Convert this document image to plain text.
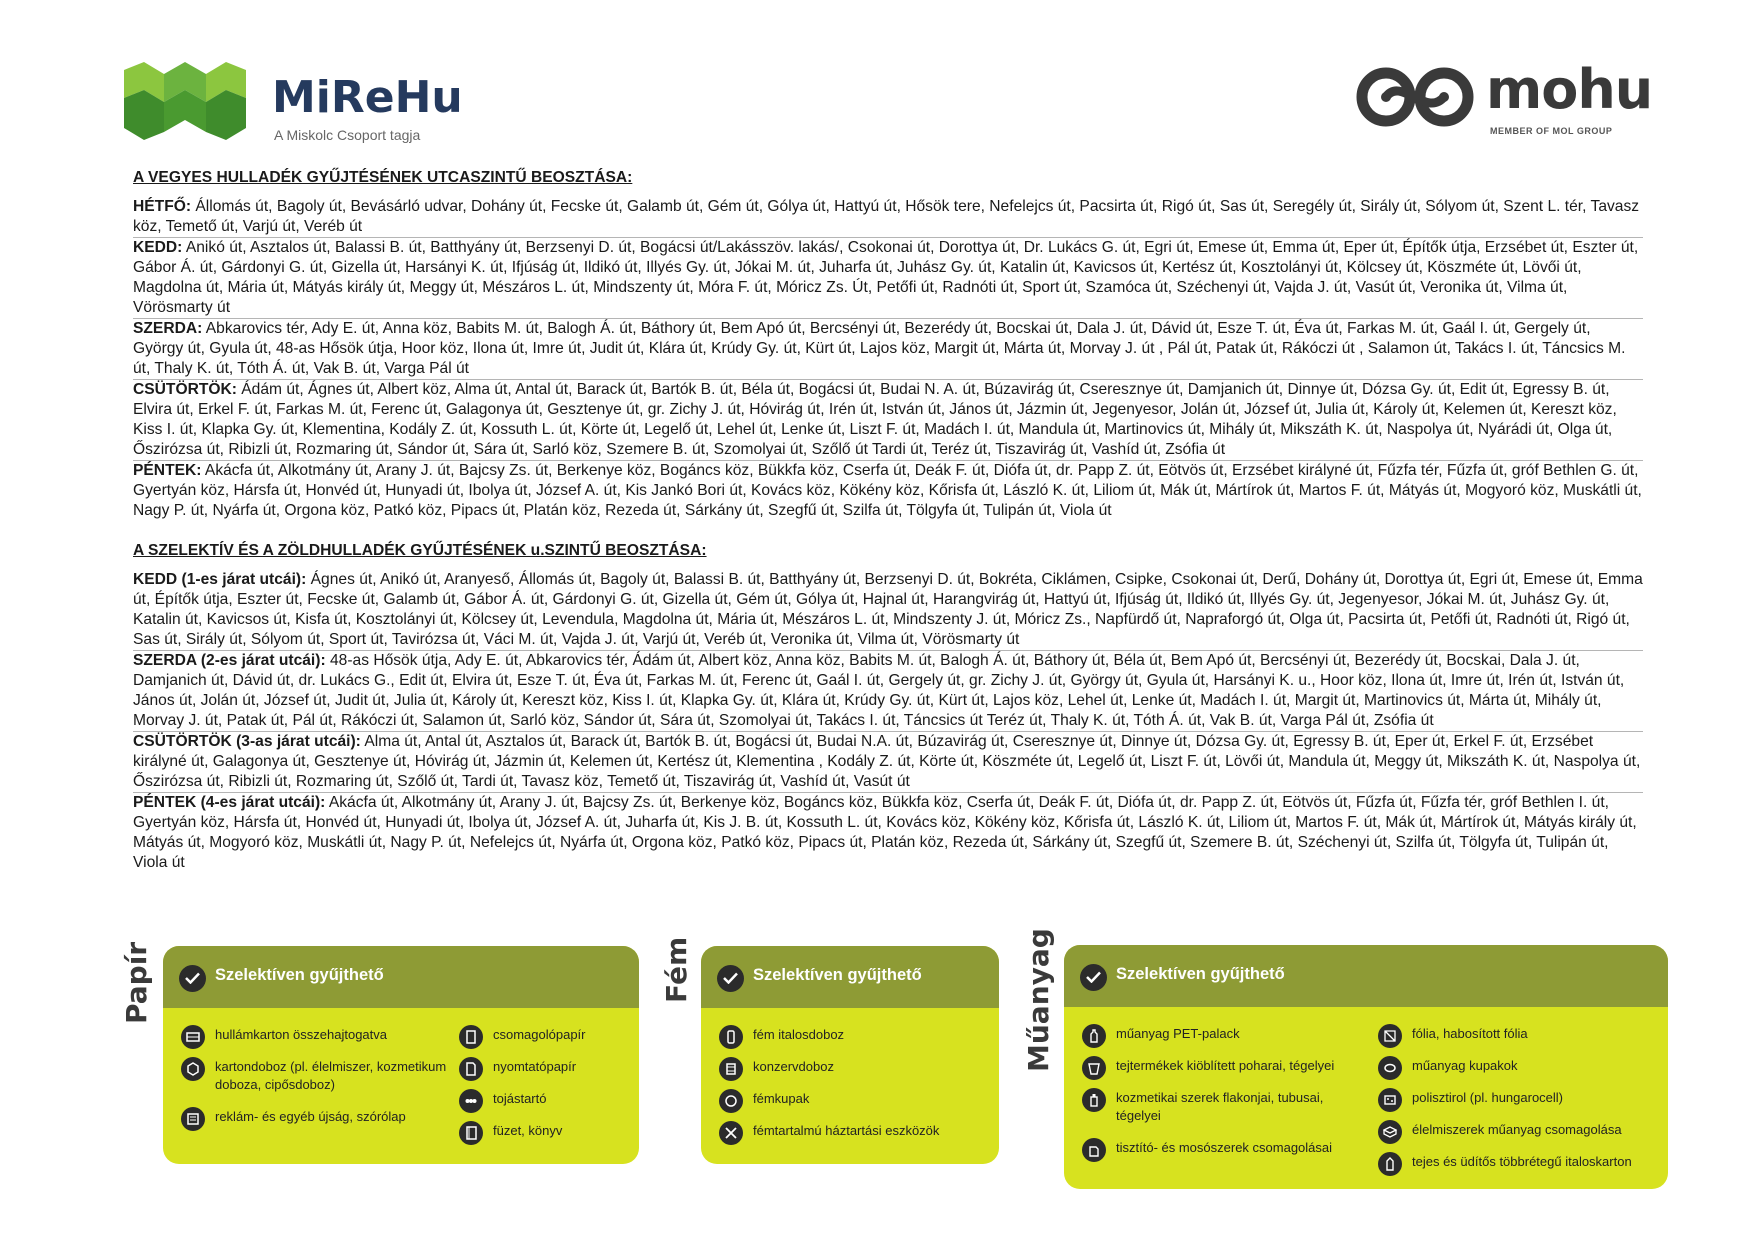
MiReHu
A Miskolc Csoport tagja
mohu
MEMBER OF MOL GROUP
A VEGYES HULLADÉK GYŰJTÉSÉNEK UTCASZINTŰ BEOSZTÁSA:
HÉTFŐ: Állomás út, Bagoly út, Bevásárló udvar, Dohány út, Fecske út, Galamb út, Gém út, Gólya út, Hattyú út, Hősök tere, Nefelejcs út, Pacsirta út, Rigó út, Sas út, Seregély út, Sirály út, Sólyom út, Szent L. tér, Tavasz köz, Temető út, Varjú út, Veréb út
KEDD: Anikó út, Asztalos út, Balassi B. út, Batthyány út, Berzsenyi D. út, Bogácsi út/Lakásszöv. lakás/, Csokonai út, Dorottya út, Dr. Lukács G. út, Egri út, Emese út, Emma út, Eper út, Építők útja, Erzsébet út, Eszter út, Gábor Á. út, Gárdonyi G. út, Gizella út, Harsányi K. út, Ifjúság út, Ildikó út, Illyés Gy. út, Jókai M. út, Juharfa út, Juhász Gy. út, Katalin út, Kavicsos út, Kertész út, Kosztolányi út, Kölcsey út, Köszméte út, Lövői út, Magdolna út, Mária út, Mátyás király út, Meggy út, Mészáros L. út, Mindszenty út, Móra F. út, Móricz Zs. Út, Petőfi út, Radnóti út, Sport út, Szamóca út, Széchenyi út, Vajda J. út, Vasút út, Veronika út, Vilma út, Vörösmarty út
SZERDA: Abkarovics tér, Ady E. út, Anna köz, Babits M. út, Balogh Á. út, Báthory út, Bem Apó út, Bercsényi út, Bezerédy út, Bocskai út, Dala J. út, Dávid út, Esze T. út, Éva út, Farkas M. út, Gaál I. út, Gergely út, György út, Gyula út, 48-as Hősök útja, Hoor köz, Ilona út, Imre út, Judit út, Klára út, Krúdy Gy. út, Kürt út, Lajos köz, Margit út, Márta út, Morvay J. út , Pál út, Patak út, Rákóczi út , Salamon út, Takács I. út, Táncsics M. út, Thaly K. út, Tóth Á. út, Vak B. út, Varga Pál út
CSÜTÖRTÖK: Ádám út, Ágnes út, Albert köz, Alma út, Antal út, Barack út, Bartók B. út, Béla út, Bogácsi út, Budai N. A. út, Búzavirág út, Cseresznye út, Damjanich út, Dinnye út, Dózsa Gy. út, Edit út, Egressy B. út, Elvira út, Erkel F. út, Farkas M. út, Ferenc út, Galagonya út, Gesztenye út, gr. Zichy J. út, Hóvirág út, Irén út, István út, János út, Jázmin út, Jegenyesor, Jolán út, József út, Julia út, Károly út, Kelemen út, Kereszt köz, Kiss I. út, Klapka Gy. út, Klementina, Kodály Z. út, Kossuth L. út, Körte út, Legelő út, Lehel út, Lenke út, Liszt F. út, Madách I. út, Mandula út, Martinovics út, Mihály út, Mikszáth K. út, Naspolya út, Nyárádi út, Olga út, Őszirózsa út, Ribizli út, Rozmaring út, Sándor út, Sára út, Sarló köz, Szemere B. út, Szomolyai út, Szőlő út Tardi út, Teréz út, Tiszavirág út, Vashíd út, Zsófia út
PÉNTEK: Akácfa út, Alkotmány út, Arany J. út, Bajcsy Zs. út, Berkenye köz, Bogáncs köz, Bükkfa köz, Cserfa út, Deák F. út, Diófa út, dr. Papp Z. út, Eötvös út, Erzsébet királyné út, Fűzfa tér, Fűzfa út, gróf Bethlen G. út, Gyertyán köz, Hársfa út, Honvéd út, Hunyadi út, Ibolya út, József A. út, Kis Jankó Bori út, Kovács köz, Kökény köz, Kőrisfa út, László K. út, Liliom út, Mák út, Mártírok út, Martos F. út, Mátyás út, Mogyoró köz, Muskátli út, Nagy P. út, Nyárfa út, Orgona köz, Patkó köz, Pipacs út, Platán köz, Rezeda út, Sárkány út, Szegfű út, Szilfa út, Tölgyfa út, Tulipán út, Viola út
A SZELEKTÍV ÉS A ZÖLDHULLADÉK GYŰJTÉSÉNEK u.SZINTŰ BEOSZTÁSA:
KEDD (1-es járat utcái): Ágnes út, Anikó út, Aranyeső, Állomás út, Bagoly út, Balassi B. út, Batthyány út, Berzsenyi D. út, Bokréta, Ciklámen, Csipke, Csokonai út, Derű, Dohány út, Dorottya út, Egri út, Emese út, Emma út, Építők útja, Eszter út, Fecske út, Galamb út, Gábor Á. út, Gárdonyi G. út, Gizella út, Gém út, Gólya út, Hajnal út, Harangvirág út, Hattyú út, Ifjúság út, Ildikó út, Illyés Gy. út, Jegenyesor, Jókai M. út, Juhász Gy. út, Katalin út, Kavicsos út, Kisfa út, Kosztolányi út, Kölcsey út, Levendula, Magdolna út, Mária út, Mészáros L. út, Mindszenty J. út, Móricz Zs., Napfürdő út, Napraforgó út, Olga út, Pacsirta út, Petőfi út, Radnóti út, Rigó út, Sas út, Sirály út, Sólyom út, Sport út, Tavirózsa út, Váci M. út, Vajda J. út, Varjú út, Veréb út, Veronika út, Vilma út, Vörösmarty út
SZERDA (2-es járat utcái): 48-as Hősök útja, Ady E. út, Abkarovics tér, Ádám út, Albert köz, Anna köz, Babits M. út, Balogh Á. út, Báthory út, Béla út, Bem Apó út, Bercsényi út, Bezerédy út, Bocskai, Dala J. út, Damjanich út, Dávid út, dr. Lukács G., Edit út, Elvira út, Esze T. út, Éva út, Farkas M. út, Ferenc út, Gaál I. út, Gergely út, gr. Zichy J. út, György út, Gyula út, Harsányi K. u., Hoor köz, Ilona út, Imre út, Irén út, István út, János út, Jolán út, József út, Judit út, Julia út, Károly út, Kereszt köz, Kiss I. út, Klapka Gy. út, Klára út, Krúdy Gy. út, Kürt út, Lajos köz, Lehel út, Lenke út, Madách I. út, Margit út, Martinovics út, Márta út, Mihály út, Morvay J. út, Patak út, Pál út, Rákóczi út, Salamon út, Sarló köz, Sándor út, Sára út, Szomolyai út, Takács I. út, Táncsics út Teréz út, Thaly K. út, Tóth Á. út, Vak B. út, Varga Pál út, Zsófia út
CSÜTÖRTÖK (3-as járat utcái): Alma út, Antal út, Asztalos út, Barack út, Bartók B. út, Bogácsi út, Budai N.A. út, Búzavirág út, Cseresznye út, Dinnye út, Dózsa Gy. út, Egressy B. út, Eper út, Erkel F. út, Erzsébet királyné út, Galagonya út, Gesztenye út, Hóvirág út, Jázmin út, Kelemen út, Kertész út, Klementina , Kodály Z. út, Körte út, Köszméte út, Legelő út, Liszt F. út, Lövői út, Mandula út, Meggy út, Mikszáth K. út, Naspolya út, Őszirózsa út, Ribizli út, Rozmaring út, Szőlő út, Tardi út, Tavasz köz, Temető út, Tiszavirág út, Vashíd út, Vasút út
PÉNTEK (4-es járat utcái): Akácfa út, Alkotmány út, Arany J. út, Bajcsy Zs. út, Berkenye köz, Bogáncs köz, Bükkfa köz, Cserfa út, Deák F. út, Diófa út, dr. Papp Z. út, Eötvös út, Fűzfa út, Fűzfa tér, gróf Bethlen I. út, Gyertyán köz, Hársfa út, Honvéd út, Hunyadi út, Ibolya út, József A. út, Juharfa út, Kis J. B. út, Kossuth L. út, Kovács köz, Kökény köz, Kőrisfa út, László K. út, Liliom út, Martos F. út, Mák út, Mártírok út, Mátyás király út, Mátyás út, Mogyoró köz, Muskátli út, Nagy P. út, Nefelejcs út, Nyárfa út, Orgona köz, Patkó köz, Pipacs út, Platán köz, Rezeda út, Sárkány út, Szegfű út, Szemere B. út, Széchenyi út, Szilfa út, Tölgyfa út, Tulipán út, Viola út
Papír	Szelektíven gyűjthető
hullámkarton összehajtogatva
kartondoboz (pl. élelmiszer, kozmetikum doboza, cipősdoboz)
reklám- és egyéb újság, szórólap
csomagolópapír
nyomtatópapír
tojástartó
füzet, könyv
Fém	Szelektíven gyűjthető
fém italosdoboz
konzervdoboz
fémkupak
fémtartalmú háztartási eszközök
Műanyag	Szelektíven gyűjthető
műanyag PET-palack
tejtermékek kiöblített poharai, tégelyei
kozmetikai szerek flakonjai, tubusai, tégelyei
tisztító- és mosószerek csomagolásai
fólia, habosított fólia
műanyag kupakok
polisztirol (pl. hungarocell)
élelmiszerek műanyag csomagolása
tejes és üdítős többrétegű italoskarton
